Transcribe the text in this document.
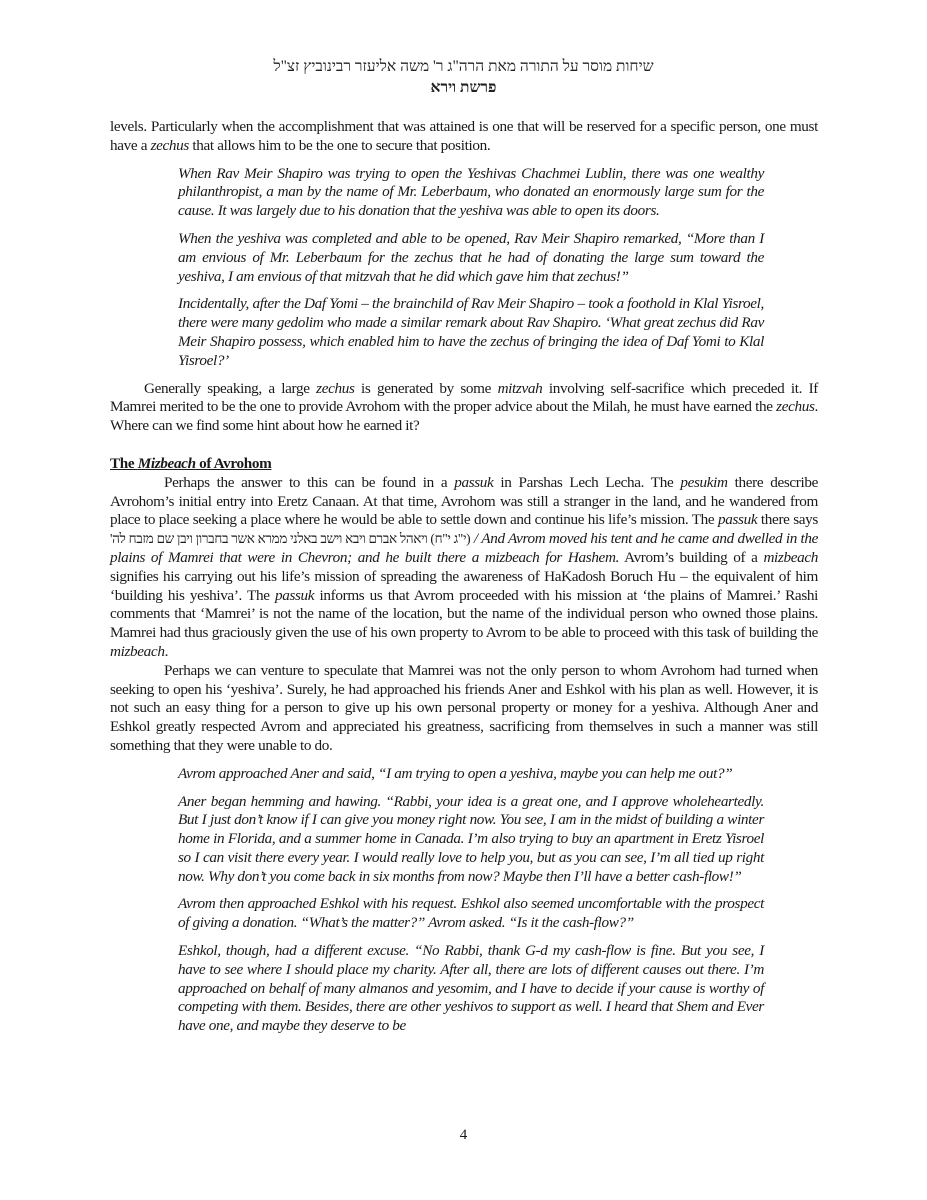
שיחות מוסר על התורה מאת הרה"ג ר' משה אליעזר רבינוביץ זצ"ל
פרשת וירא

levels. Particularly when the accomplishment that was attained is one that will be reserved for a specific person, one must have a zechus that allows him to be the one to secure that position.

When Rav Meir Shapiro was trying to open the Yeshivas Chachmei Lublin, there was one wealthy philanthropist, a man by the name of Mr. Leberbaum, who donated an enormously large sum for the cause. It was largely due to his donation that the yeshiva was able to open its doors.

When the yeshiva was completed and able to be opened, Rav Meir Shapiro remarked, “More than I am envious of Mr. Leberbaum for the zechus that he had of donating the large sum toward the yeshiva, I am envious of that mitzvah that he did which gave him that zechus!”

Incidentally, after the Daf Yomi – the brainchild of Rav Meir Shapiro – took a foothold in Klal Yisroel, there were many gedolim who made a similar remark about Rav Shapiro. ‘What great zechus did Rav Meir Shapiro possess, which enabled him to have the zechus of bringing the idea of Daf Yomi to Klal Yisroel?’

Generally speaking, a large zechus is generated by some mitzvah involving self-sacrifice which preceded it. If Mamrei merited to be the one to provide Avrohom with the proper advice about the Milah, he must have earned the zechus. Where can we find some hint about how he earned it?

The Mizbeach of Avrohom

Perhaps the answer to this can be found in a passuk in Parshas Lech Lecha. The pesukim there describe Avrohom’s initial entry into Eretz Canaan. At that time, Avrohom was still a stranger in the land, and he wandered from place to place seeking a place where he would be able to settle down and continue his life’s mission. The passuk there says (י"ג י"ח) ויאהל אברם ויבא וישב באלני ממרא אשר בחברון ויבן שם מזבח לה' / And Avrom moved his tent and he came and dwelled in the plains of Mamrei that were in Chevron; and he built there a mizbeach for Hashem. Avrom’s building of a mizbeach signifies his carrying out his life’s mission of spreading the awareness of HaKadosh Boruch Hu – the equivalent of him ‘building his yeshiva’. The passuk informs us that Avrom proceeded with his mission at ‘the plains of Mamrei.’ Rashi comments that ‘Mamrei’ is not the name of the location, but the name of the individual person who owned those plains. Mamrei had thus graciously given the use of his own property to Avrom to be able to proceed with this task of building the mizbeach.

Perhaps we can venture to speculate that Mamrei was not the only person to whom Avrohom had turned when seeking to open his ‘yeshiva’. Surely, he had approached his friends Aner and Eshkol with his plan as well. However, it is not such an easy thing for a person to give up his own personal property or money for a yeshiva. Although Aner and Eshkol greatly respected Avrom and appreciated his greatness, sacrificing from themselves in such a manner was still something that they were unable to do.

Avrom approached Aner and said, “I am trying to open a yeshiva, maybe you can help me out?”

Aner began hemming and hawing. “Rabbi, your idea is a great one, and I approve wholeheartedly. But I just don’t know if I can give you money right now. You see, I am in the midst of building a winter home in Florida, and a summer home in Canada. I’m also trying to buy an apartment in Eretz Yisroel so I can visit there every year. I would really love to help you, but as you can see, I’m all tied up right now. Why don’t you come back in six months from now? Maybe then I’ll have a better cash-flow!”

Avrom then approached Eshkol with his request. Eshkol also seemed uncomfortable with the prospect of giving a donation. “What’s the matter?” Avrom asked. “Is it the cash-flow?”

Eshkol, though, had a different excuse. “No Rabbi, thank G-d my cash-flow is fine. But you see, I have to see where I should place my charity. After all, there are lots of different causes out there. I’m approached on behalf of many almanos and yesomim, and I have to decide if your cause is worthy of competing with them. Besides, there are other yeshivos to support as well. I heard that Shem and Ever have one, and maybe they deserve to be

4
